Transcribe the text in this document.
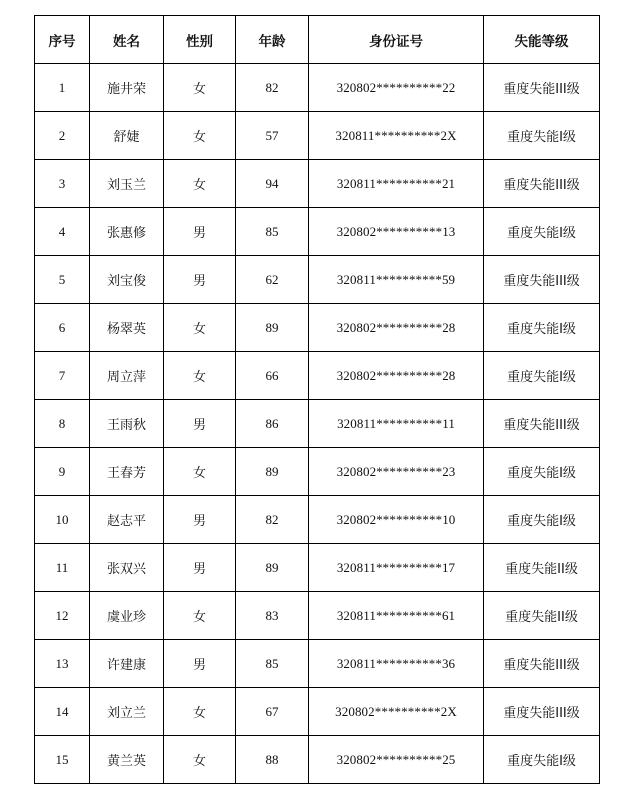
序号	姓名	性别	年龄	身份证号	失能等级
1	施井荣	女	82	320802**********22	重度失能III级
2	舒婕	女	57	320811**********2X	重度失能Ⅰ级
3	刘玉兰	女	94	320811**********21	重度失能III级
4	张惠修	男	85	320802**********13	重度失能Ⅰ级
5	刘宝俊	男	62	320811**********59	重度失能III级
6	杨翠英	女	89	320802**********28	重度失能Ⅰ级
7	周立萍	女	66	320802**********28	重度失能Ⅰ级
8	王雨秋	男	86	320811**********11	重度失能III级
9	王春芳	女	89	320802**********23	重度失能Ⅰ级
10	赵志平	男	82	320802**********10	重度失能Ⅰ级
11	张双兴	男	89	320811**********17	重度失能II级
12	虞业珍	女	83	320811**********61	重度失能II级
13	许建康	男	85	320811**********36	重度失能III级
14	刘立兰	女	67	320802**********2X	重度失能III级
15	黄兰英	女	88	320802**********25	重度失能Ⅰ级
